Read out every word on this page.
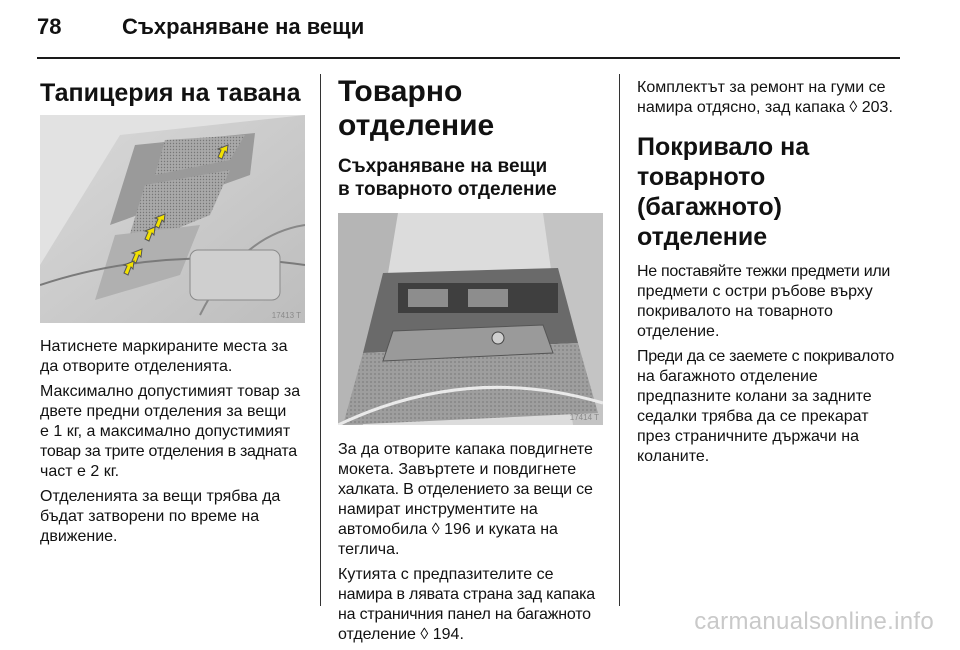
78	Съхраняване на вещи
Тапицерия на тавана
17413 T

Натиснете маркираните места за
да отворите отделенията.

Максимално допустимият товар за
двете предни отделения за вещи
е 1 кг, а максимално допустимият
товар за трите отделения в задната
част е 2 кг.

Отделенията за вещи трябва да
бъдат затворени по време на
движение.

Товарно отделение
Съхраняване на вещи
в товарното отделение
17414 T

За да отворите капака повдигнете
мокета. Завъртете и повдигнете
халката. В отделението за вещи се
намират инструментите на
автомобила ◊ 196 и куката на
теглича.

Кутията с предпазителите се
намира в лявата страна зад капака
на страничния панел на багажното
отделение ◊ 194.

Комплектът за ремонт на гуми се
намира отдясно, зад капака ◊ 203.

Покривало на товарното
(багажното) отделение

Не поставяйте тежки предмети или
предмети с остри ръбове върху
покривалото на товарното
отделение.

Преди да се заемете с покривалото
на багажното отделение
предпазните колани за задните
седалки трябва да се прекарат
през страничните държачи на
коланите.

carmanualsonline.info
